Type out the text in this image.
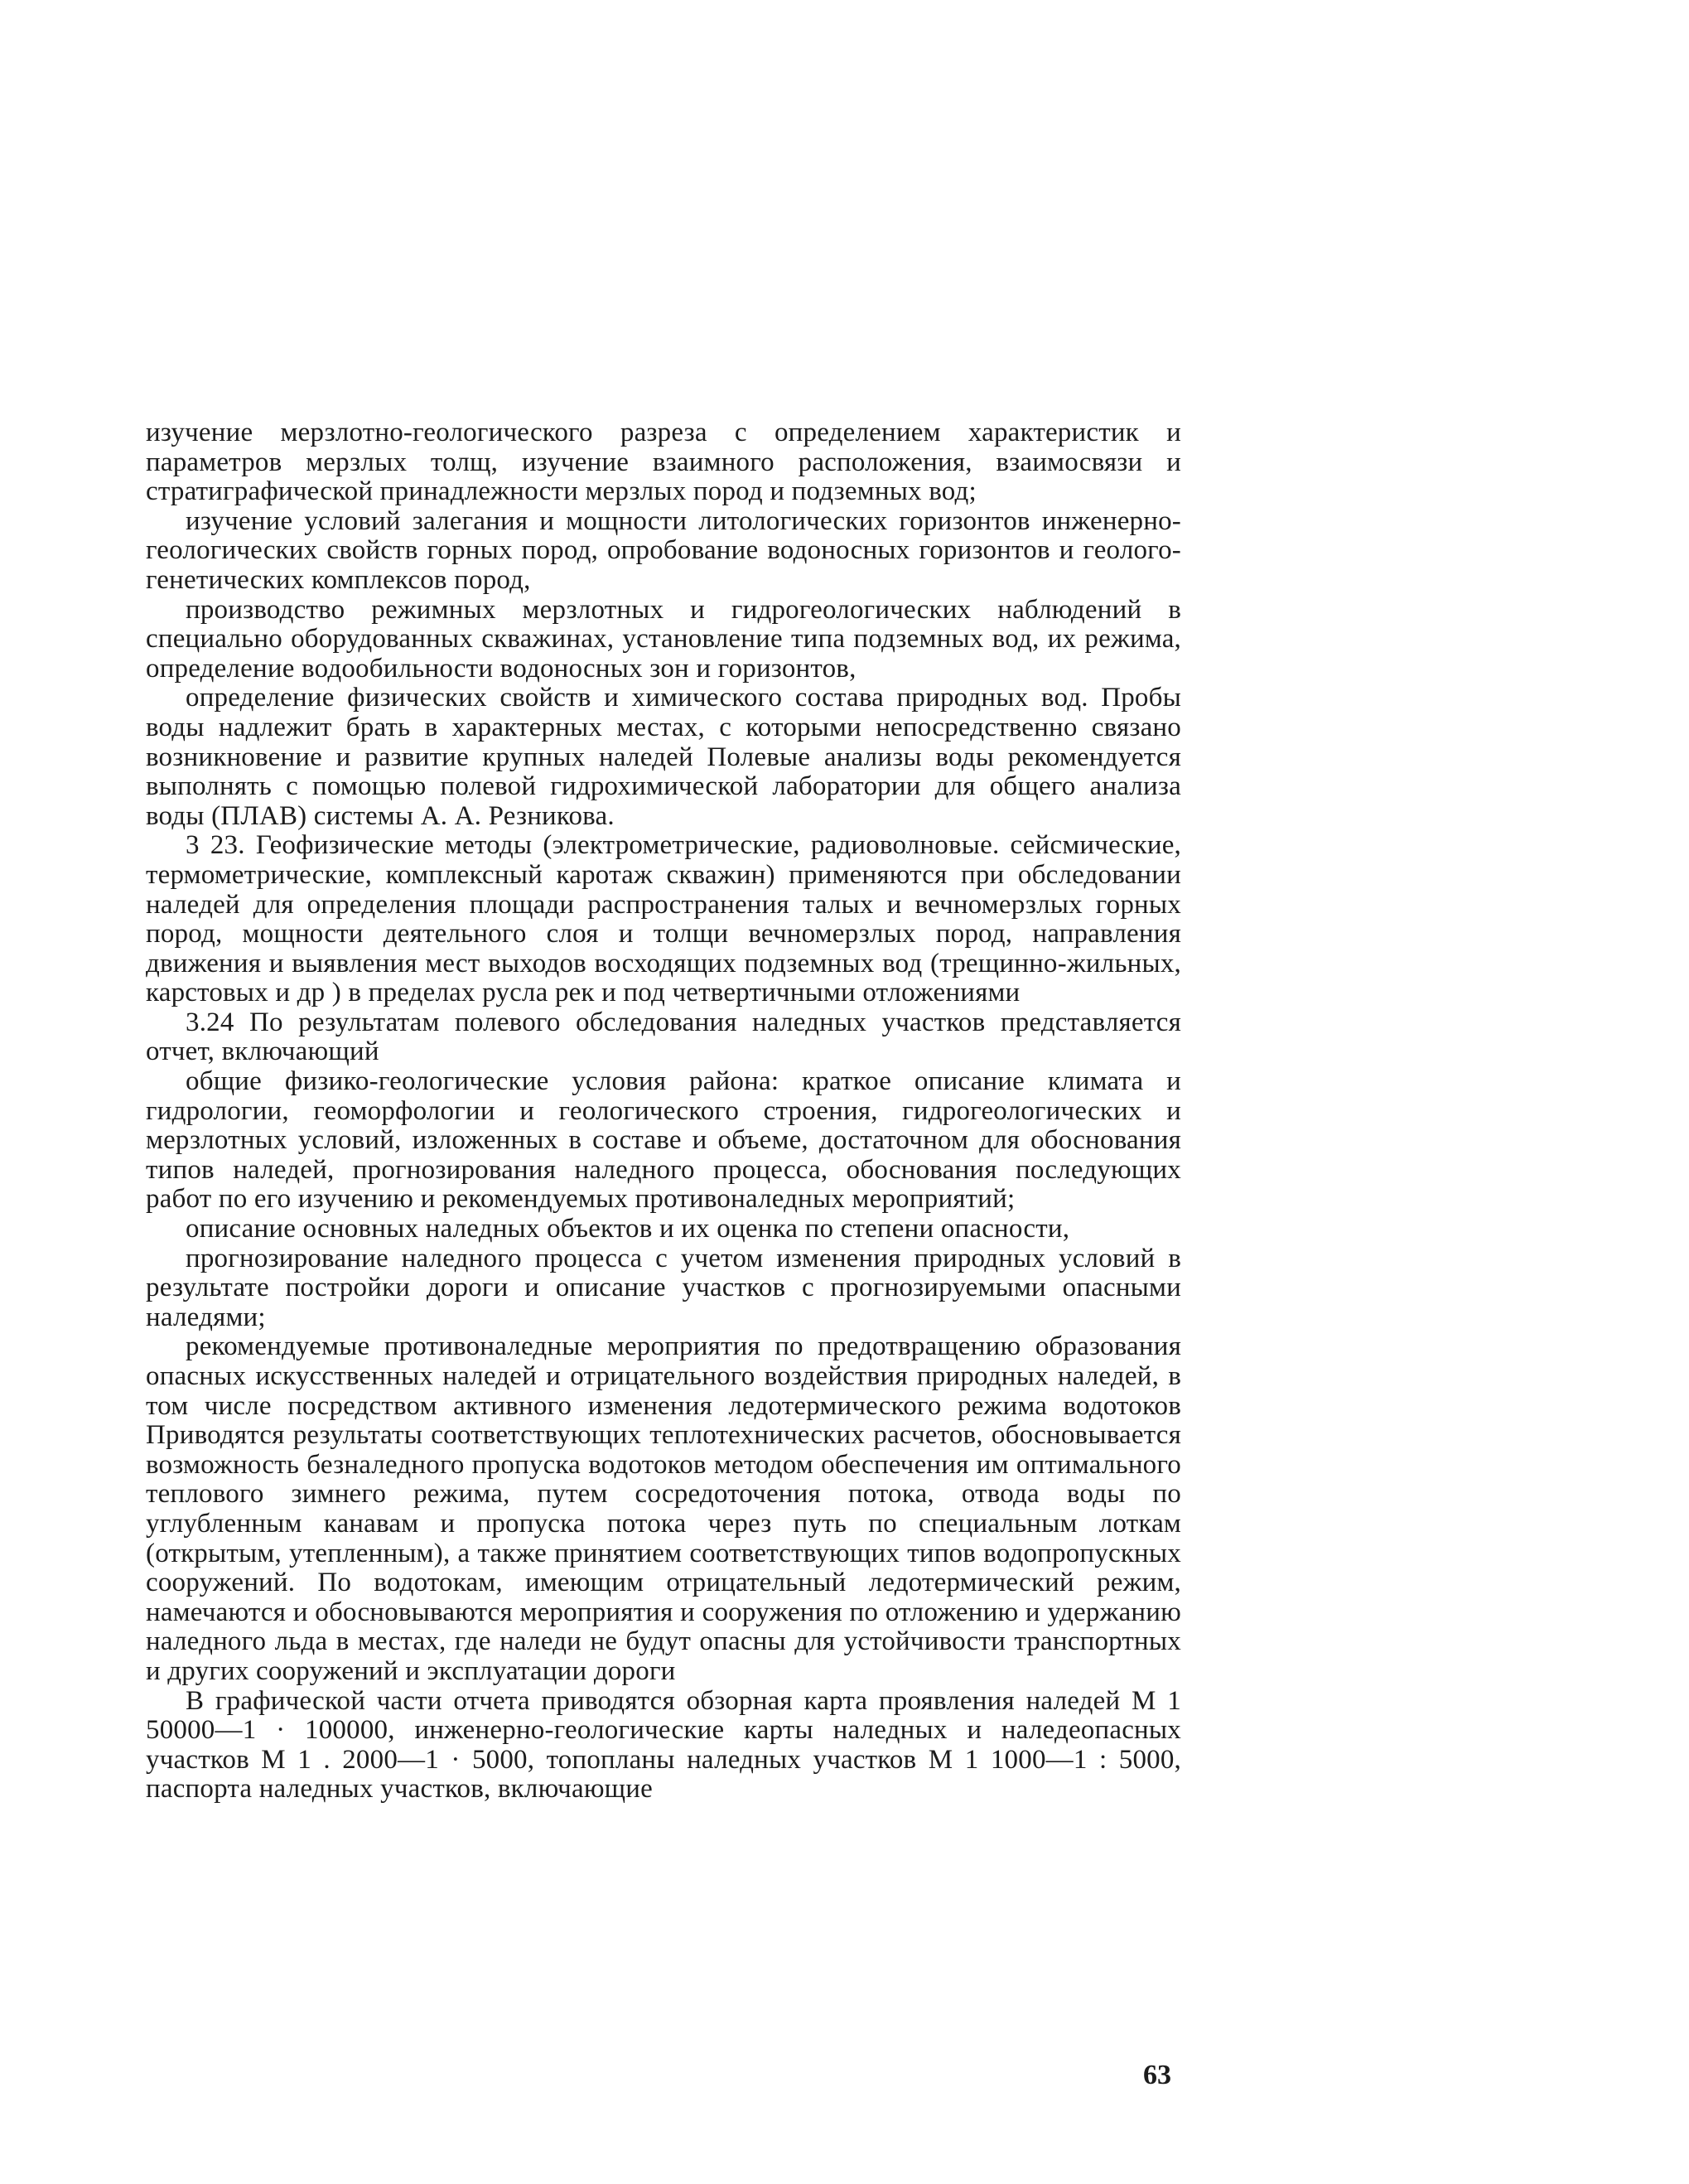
изучение мерзлотно-геологического разреза с определением характеристик и параметров мерзлых толщ, изучение взаимного расположения, взаимосвязи и стратиграфической принадлежности мерзлых пород и подземных вод;

изучение условий залегания и мощности литологических горизонтов инженерно-геологических свойств горных пород, опробование водоносных горизонтов и геолого-генетических комплексов пород,

производство режимных мерзлотных и гидрогеологических наблюдений в специально оборудованных скважинах, установление типа подземных вод, их режима, определение водообильности водоносных зон и горизонтов,

определение физических свойств и химического состава природных вод. Пробы воды надлежит брать в характерных местах, с которыми непосредственно связано возникновение и развитие крупных наледей Полевые анализы воды рекомендуется выполнять с помощью полевой гидрохимической лаборатории для общего анализа воды (ПЛАВ) системы А. А. Резникова.

3 23. Геофизические методы (электрометрические, радиоволновые. сейсмические, термометрические, комплексный каротаж скважин) применяются при обследовании наледей для определения площади распространения талых и вечномерзлых горных пород, мощности деятельного слоя и толщи вечномерзлых пород, направления движения и выявления мест выходов восходящих подземных вод (трещинно-жильных, карстовых и др ) в пределах русла рек и под четвертичными отложениями

3.24 По результатам полевого обследования наледных участков представляется отчет, включающий

общие физико-геологические условия района: краткое описание климата и гидрологии, геоморфологии и геологического строения, гидрогеологических и мерзлотных условий, изложенных в составе и объеме, достаточном для обоснования типов наледей, прогнозирования наледного процесса, обоснования последующих работ по его изучению и рекомендуемых противоналедных мероприятий;

описание основных наледных объектов и их оценка по степени опасности,

прогнозирование наледного процесса с учетом изменения природных условий в результате постройки дороги и описание участков с прогнозируемыми опасными наледями;

рекомендуемые противоналедные мероприятия по предотвращению образования опасных искусственных наледей и отрицательного воздействия природных наледей, в том числе посредством активного изменения ледотермического режима водотоков Приводятся результаты соответствующих теплотехнических расчетов, обосновывается возможность безналедного пропуска водотоков методом обеспечения им оптимального теплового зимнего режима, путем сосредоточения потока, отвода воды по углубленным канавам и пропуска потока через путь по специальным лоткам (открытым, утепленным), а также принятием соответствующих типов водопропускных сооружений. По водотокам, имеющим отрицательный ледотермический режим, намечаются и обосновываются мероприятия и сооружения по отложению и удержанию наледного льда в местах, где наледи не будут опасны для устойчивости транспортных и других сооружений и эксплуатации дороги

В графической части отчета приводятся обзорная карта проявления наледей М 1 50000—1 · 100000, инженерно-геологические карты наледных и наледеопасных участков М 1 . 2000—1 · 5000, топопланы наледных участков М 1 1000—1 : 5000, паспорта наледных участков, включающие

63
